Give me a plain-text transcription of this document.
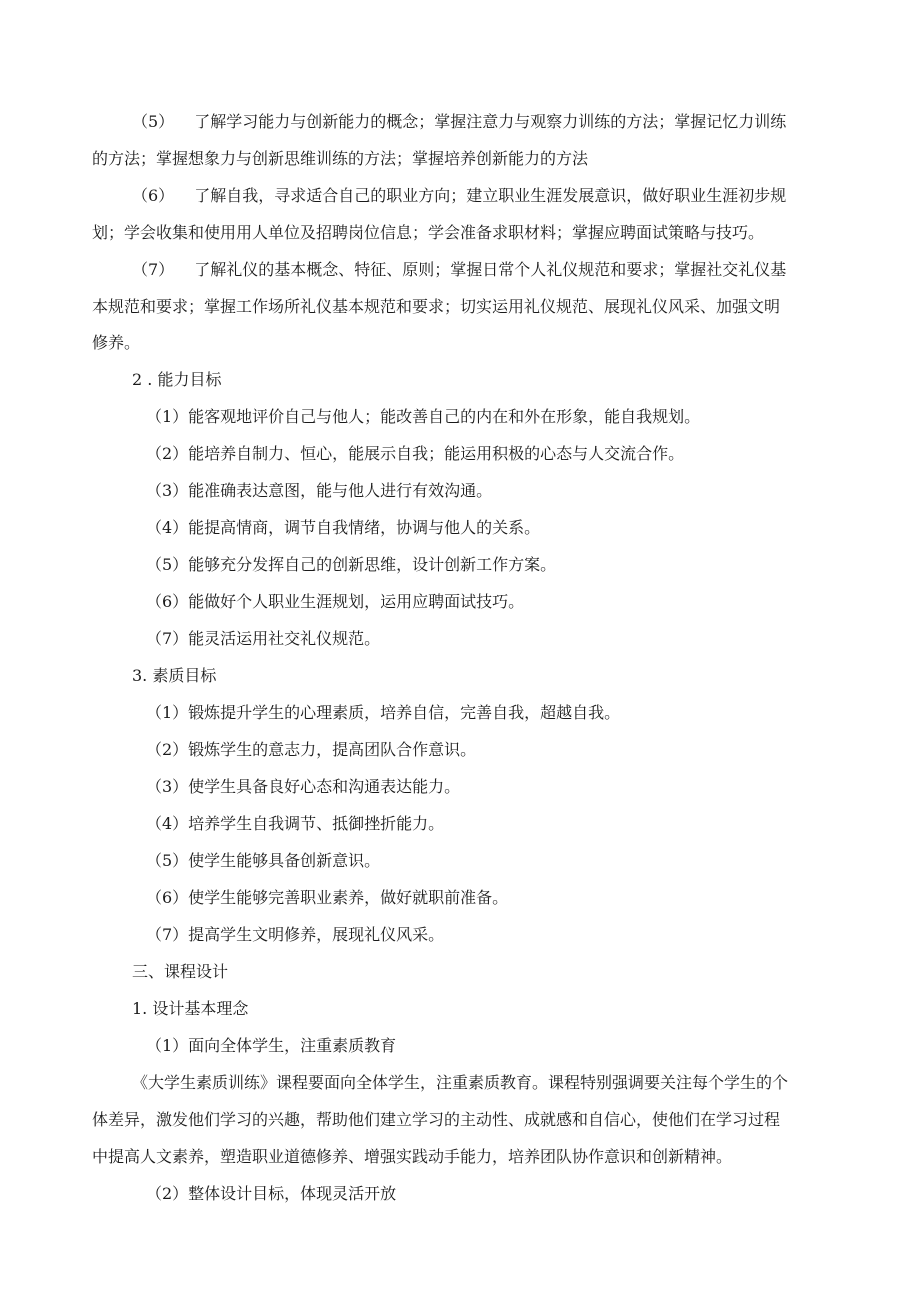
（5） 了解学习能力与创新能力的概念；掌握注意力与观察力训练的方法；掌握记忆力训练
的方法；掌握想象力与创新思维训练的方法；掌握培养创新能力的方法
（6） 了解自我，寻求适合自己的职业方向；建立职业生涯发展意识，做好职业生涯初步规
划；学会收集和使用用人单位及招聘岗位信息；学会准备求职材料；掌握应聘面试策略与技巧。
（7） 了解礼仪的基本概念、特征、原则；掌握日常个人礼仪规范和要求；掌握社交礼仪基
本规范和要求；掌握工作场所礼仪基本规范和要求；切实运用礼仪规范、展现礼仪风采、加强文明
修养。
2 . 能力目标
（1）能客观地评价自己与他人；能改善自己的内在和外在形象，能自我规划。
（2）能培养自制力、恒心，能展示自我；能运用积极的心态与人交流合作。
（3）能准确表达意图，能与他人进行有效沟通。
（4）能提高情商，调节自我情绪，协调与他人的关系。
（5）能够充分发挥自己的创新思维，设计创新工作方案。
（6）能做好个人职业生涯规划，运用应聘面试技巧。
（7）能灵活运用社交礼仪规范。
3. 素质目标
（1）锻炼提升学生的心理素质，培养自信，完善自我，超越自我。
（2）锻炼学生的意志力，提高团队合作意识。
（3）使学生具备良好心态和沟通表达能力。
（4）培养学生自我调节、抵御挫折能力。
（5）使学生能够具备创新意识。
（6）使学生能够完善职业素养，做好就职前准备。
（7）提高学生文明修养，展现礼仪风采。
三、课程设计
1. 设计基本理念
（1）面向全体学生，注重素质教育
《大学生素质训练》课程要面向全体学生，注重素质教育。课程特别强调要关注每个学生的个
体差异，激发他们学习的兴趣，帮助他们建立学习的主动性、成就感和自信心，使他们在学习过程
中提高人文素养，塑造职业道德修养、增强实践动手能力，培养团队协作意识和创新精神。
（2）整体设计目标，体现灵活开放
